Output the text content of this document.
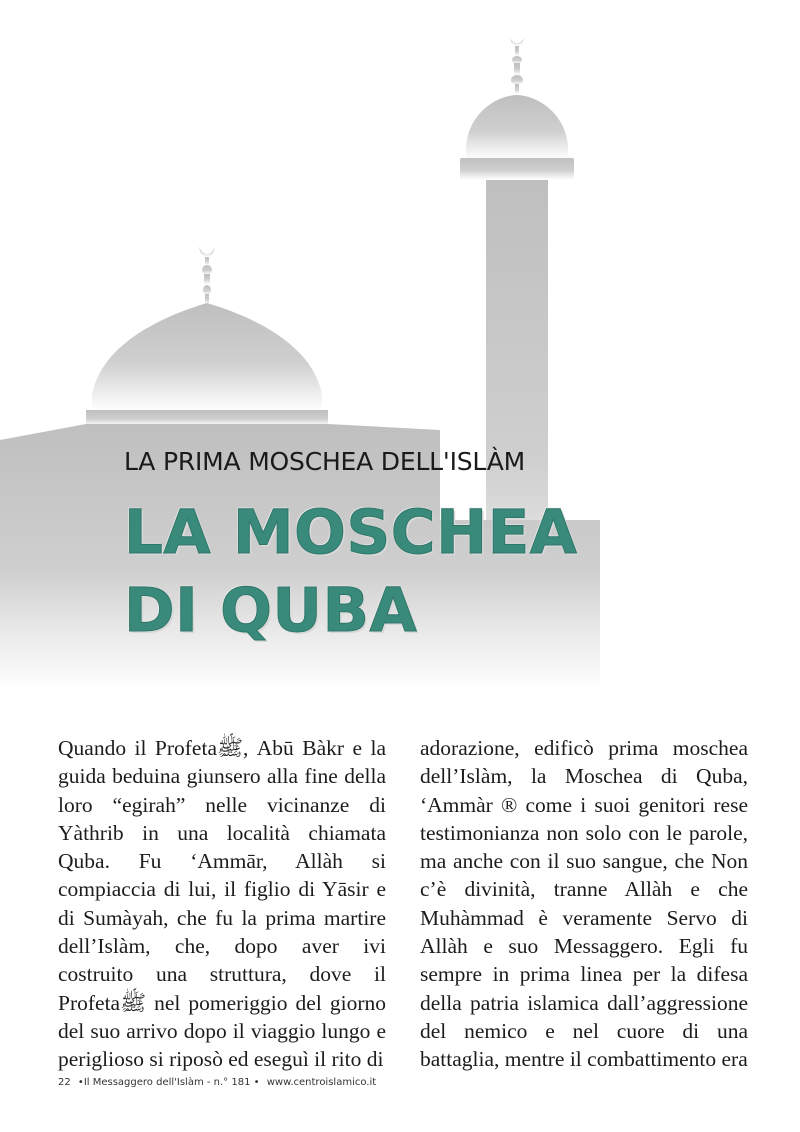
LA PRIMA MOSCHEA DELL'ISLÀM
LA MOSCHEA
DI QUBA

Quando il Profetaﷺ, Abū Bàkr e la guida beduina giunsero alla fine della loro “egirah” nelle vicinanze di Yàthrib in una località chiamata Quba. Fu ‘Ammār, Allàh si compiaccia di lui, il figlio di Yāsir e di Sumàyah, che fu la prima martire dell’Islàm, che, dopo aver ivi costruito una struttura, dove il Profetaﷺ nel pomeriggio del giorno del suo arrivo dopo il viaggio lungo e periglioso si riposò ed eseguì il rito di

adorazione, edificò prima moschea dell’Islàm, la Moschea di Quba, ‘Ammàr ® come i suoi genitori rese testimonianza non solo con le parole, ma anche con il suo sangue, che Non c’è divinità, tranne Allàh e che Muhàmmad è veramente Servo di Allàh e suo Messaggero. Egli fu sempre in prima linea per la difesa della patria islamica dall’aggressione del nemico e nel cuore di una battaglia, mentre il combattimento era

22 •Il Messaggero dell'Islàm - n.° 181 • www.centroislamico.it
